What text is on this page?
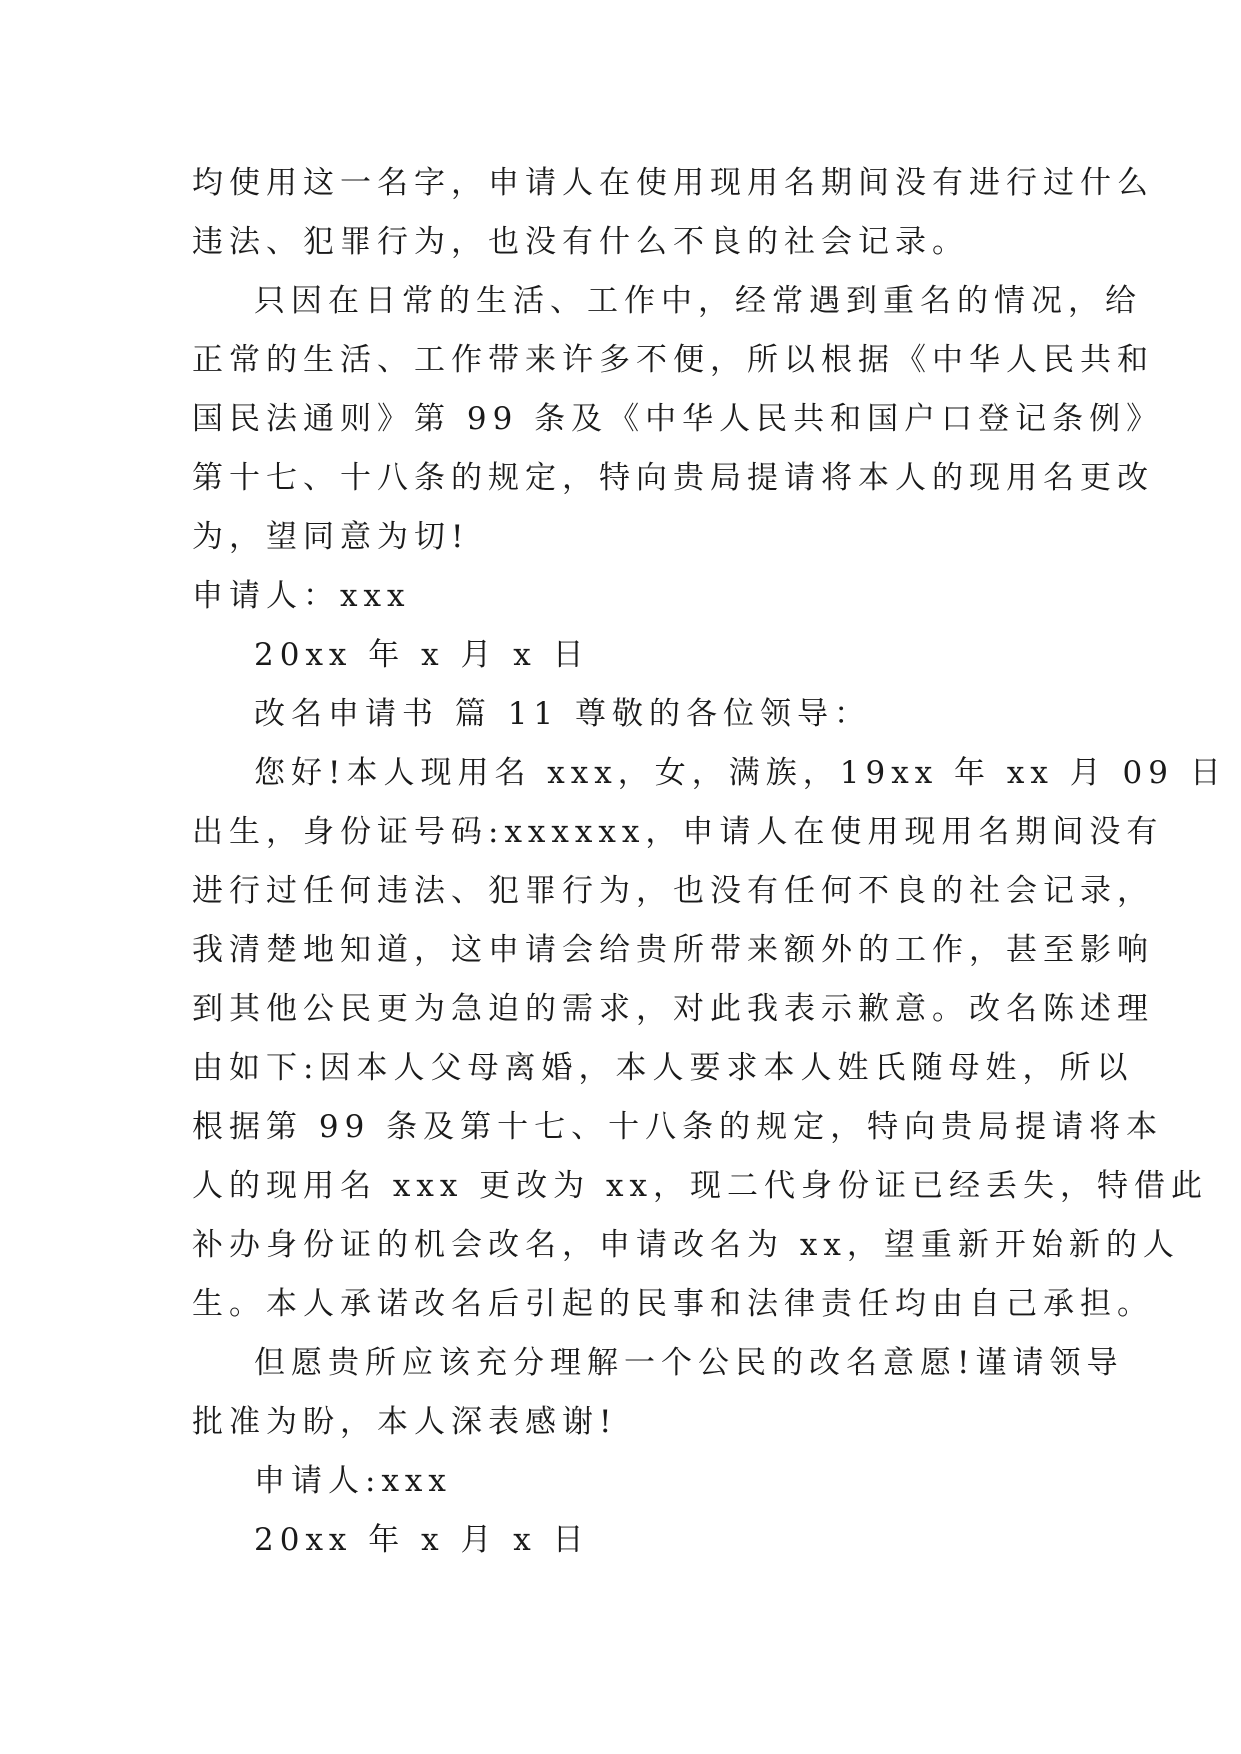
均使用这一名字，申请人在使用现用名期间没有进行过什么
违法、犯罪行为，也没有什么不良的社会记录。
只因在日常的生活、工作中，经常遇到重名的情况，给
正常的生活、工作带来许多不便，所以根据《中华人民共和
国民法通则》第 99 条及《中华人民共和国户口登记条例》
第十七、十八条的规定，特向贵局提请将本人的现用名更改
为，望同意为切!
申请人：xxx
20xx 年 x 月 x 日
改名申请书 篇 11 尊敬的各位领导：
您好!本人现用名 xxx，女，满族，19xx 年 xx 月 09 日
出生，身份证号码:xxxxxx，申请人在使用现用名期间没有
进行过任何违法、犯罪行为，也没有任何不良的社会记录，
我清楚地知道，这申请会给贵所带来额外的工作，甚至影响
到其他公民更为急迫的需求，对此我表示歉意。改名陈述理
由如下:因本人父母离婚，本人要求本人姓氏随母姓，所以
根据第 99 条及第十七、十八条的规定，特向贵局提请将本
人的现用名 xxx 更改为 xx，现二代身份证已经丢失，特借此
补办身份证的机会改名，申请改名为 xx，望重新开始新的人
生。本人承诺改名后引起的民事和法律责任均由自己承担。
但愿贵所应该充分理解一个公民的改名意愿!谨请领导
批准为盼，本人深表感谢!
申请人:xxx
20xx 年 x 月 x 日
